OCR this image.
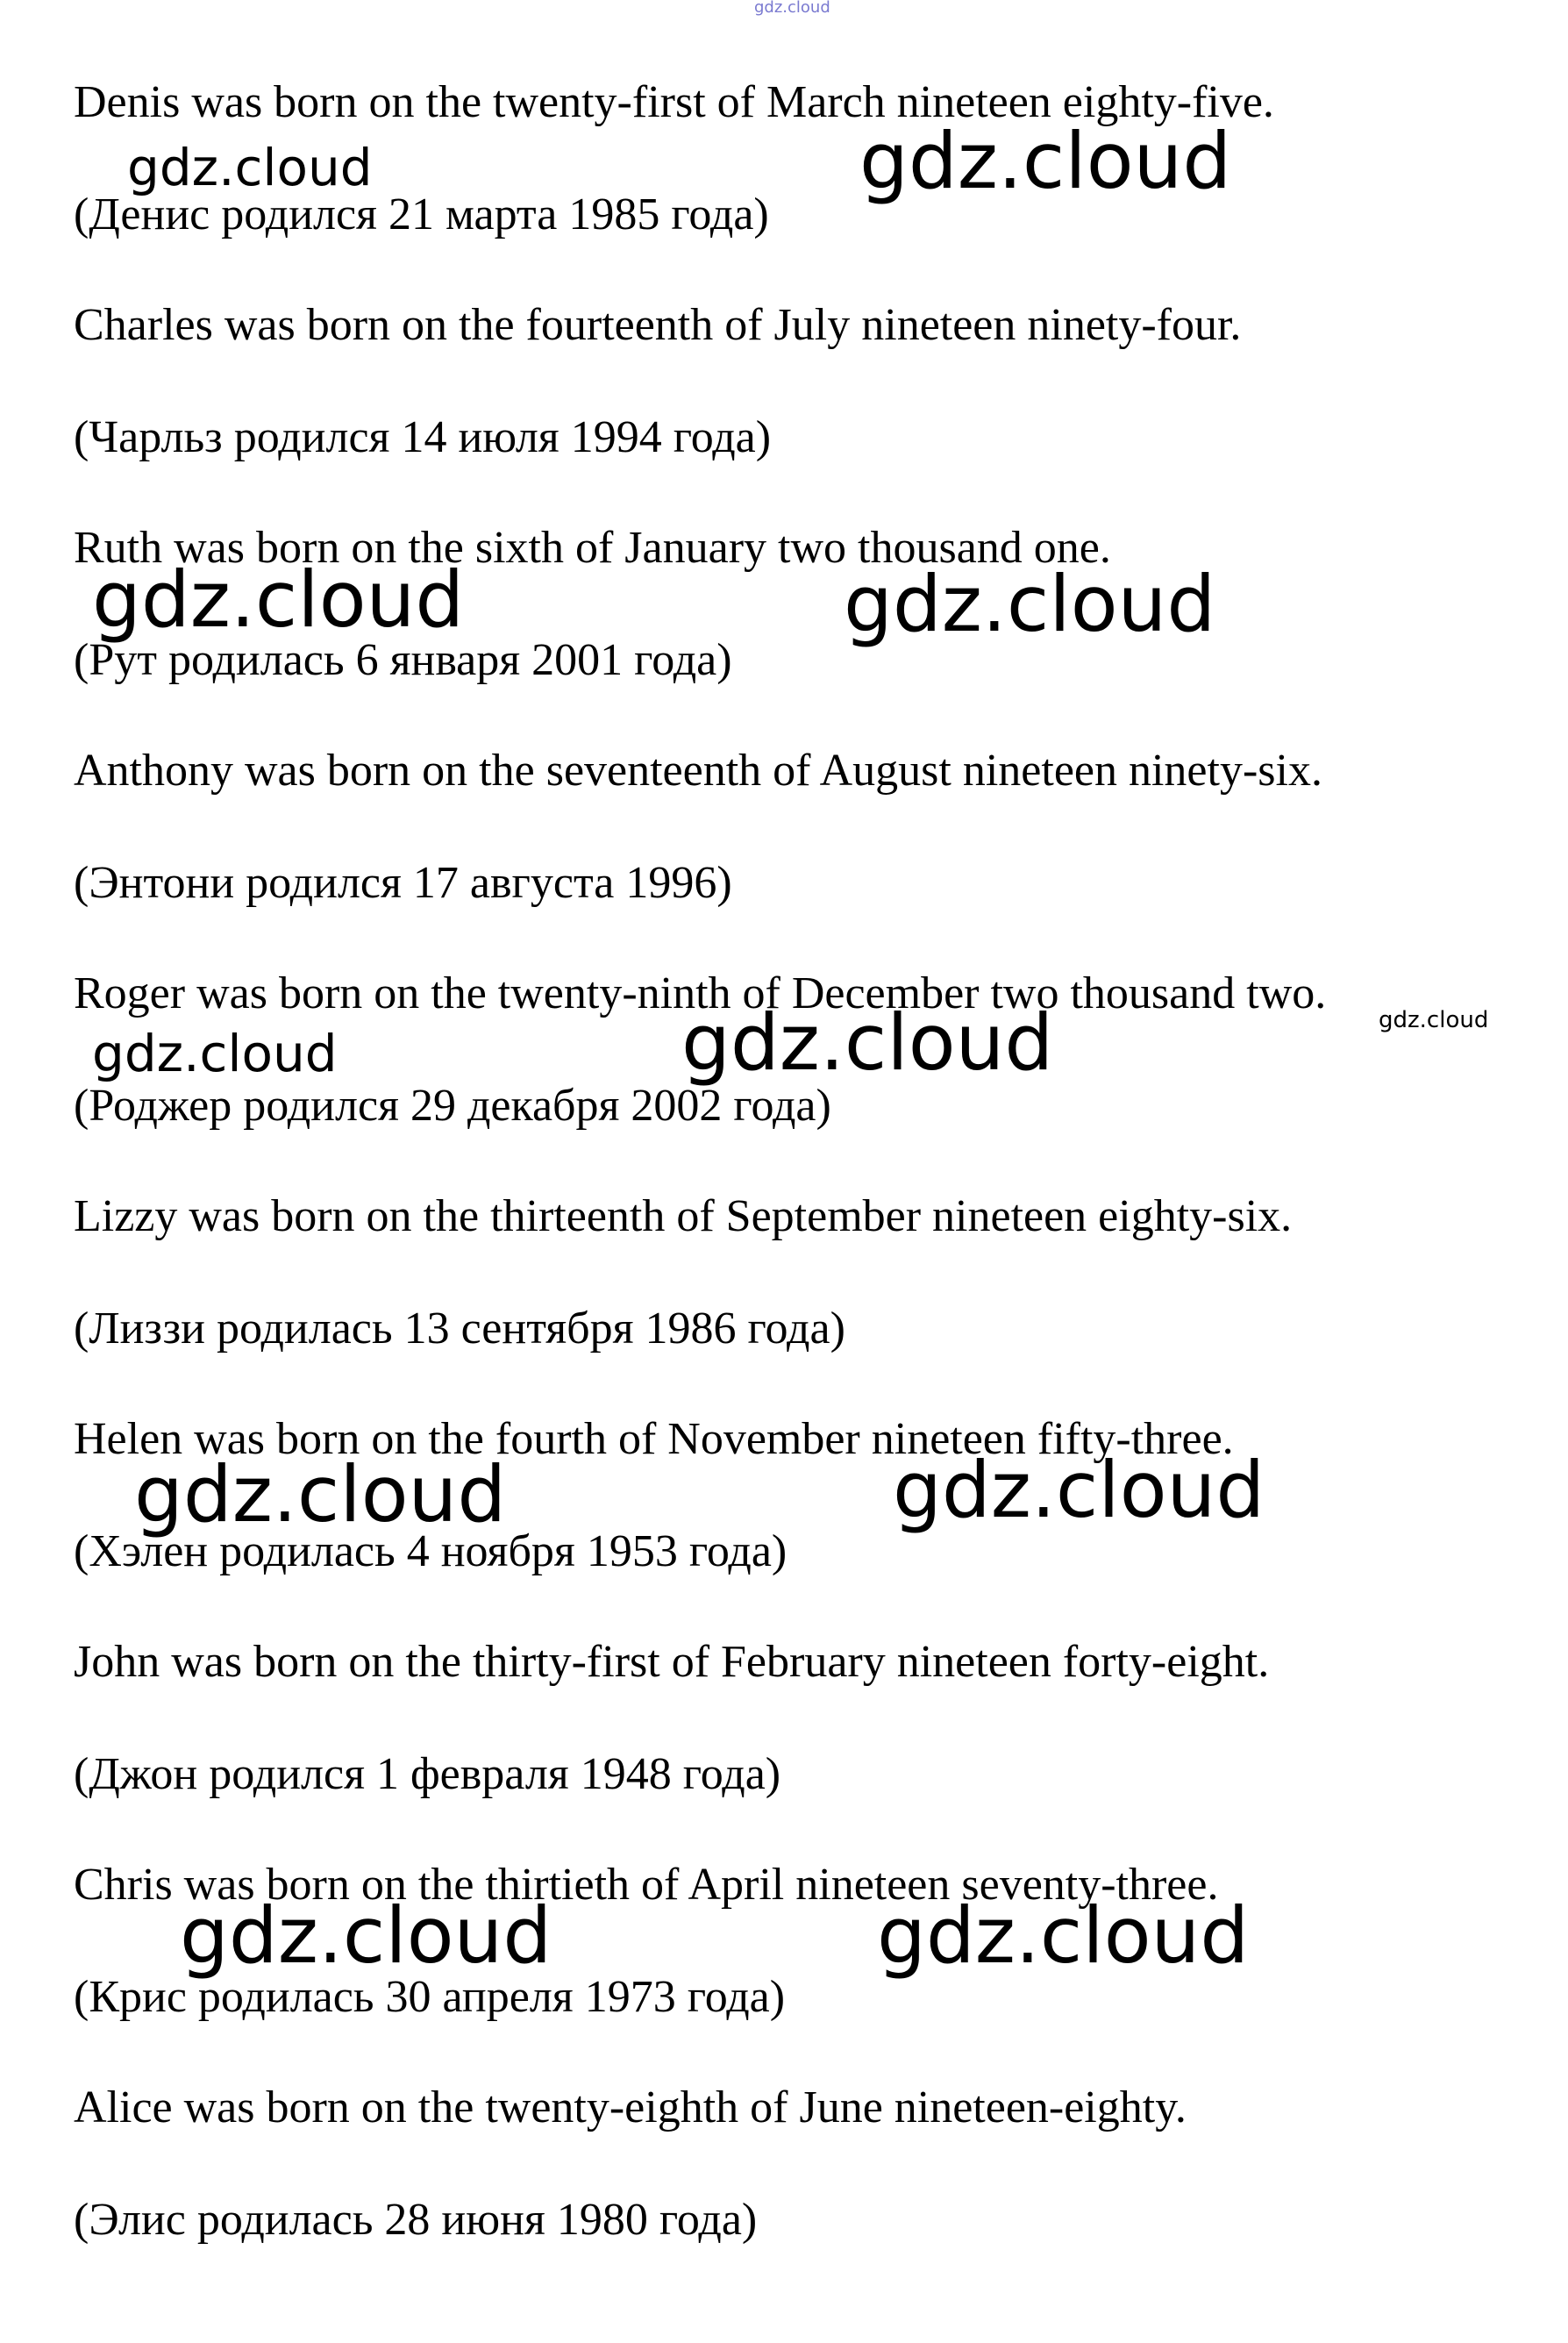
gdz.cloud

Denis was born on the twenty-first of March nineteen eighty-five.

(Денис родился 21 марта 1985 года)

Charles was born on the fourteenth of July nineteen ninety-four.

(Чарльз родился 14 июля 1994 года)

Ruth was born on the sixth of January two thousand one.

(Рут родилась 6 января 2001 года)

Anthony was born on the seventeenth of August nineteen ninety-six.

(Энтони родился 17 августа 1996)

Roger was born on the twenty-ninth of December two thousand two.

(Роджер родился 29 декабря 2002 года)

Lizzy was born on the thirteenth of September nineteen eighty-six.

(Лиззи родилась 13 сентября 1986 года)

Helen was born on the fourth of November nineteen fifty-three.

(Хэлен родилась 4 ноября 1953 года)

John was born on the thirty-first of February nineteen forty-eight.

(Джон родился 1 февраля 1948 года)

Chris was born on the thirtieth of April nineteen seventy-three.

(Крис родилась 30 апреля 1973 года)

Alice was born on the twenty-eighth of June nineteen-eighty.

(Элис родилась 28 июня 1980 года)

gdz.cloud	gdz.cloud

gdz.cloud	gdz.cloud

gdz.cloud	gdz.cloud	gdz.cloud

gdz.cloud	gdz.cloud

gdz.cloud	gdz.cloud
